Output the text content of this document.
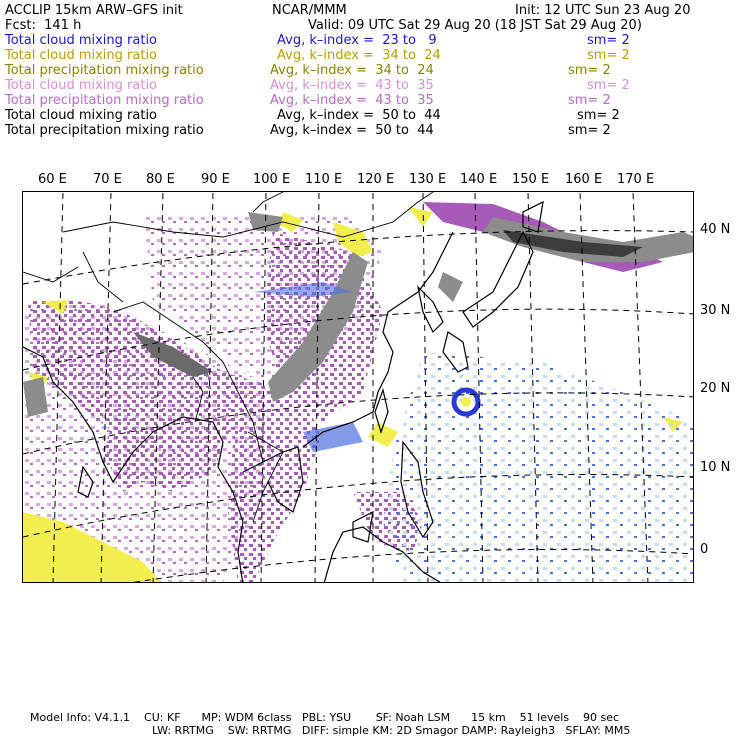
ACCLIP 15km ARW–GFS init	NCAR/MMM	Init: 12 UTC Sun 23 Aug 20
Fcst:  141 h	Valid: 09 UTC Sat 29 Aug 20 (18 JST Sat 29 Aug 20)
Total cloud mixing ratio	Avg, k–index =  23 to   9	sm= 2
Total cloud mixing ratio	Avg, k–index =  34 to  24	sm= 2
Total precipitation mixing ratio	Avg, k–index =  34 to  24	sm= 2
Total cloud mixing ratio	Avg, k–index =  43 to  35	sm= 2
Total precipitation mixing ratio	Avg, k–index =  43 to  35	sm= 2
Total cloud mixing ratio	Avg, k–index =  50 to  44	sm= 2
Total precipitation mixing ratio	Avg, k–index =  50 to  44	sm= 2
60 E 70 E 80 E 90 E 100 E 110 E 120 E 130 E 140 E 150 E 160 E 170 E
40 N
30 N
20 N
10 N
0
Model Info: V4.1.1    CU: KF      MP: WDM 6class   PBL: YSU       SF: Noah LSM      15 km    51 levels    90 sec
LW: RRTMG    SW: RRTMG   DIFF: simple KM: 2D Smagor DAMP: Rayleigh3   SFLAY: MM5
